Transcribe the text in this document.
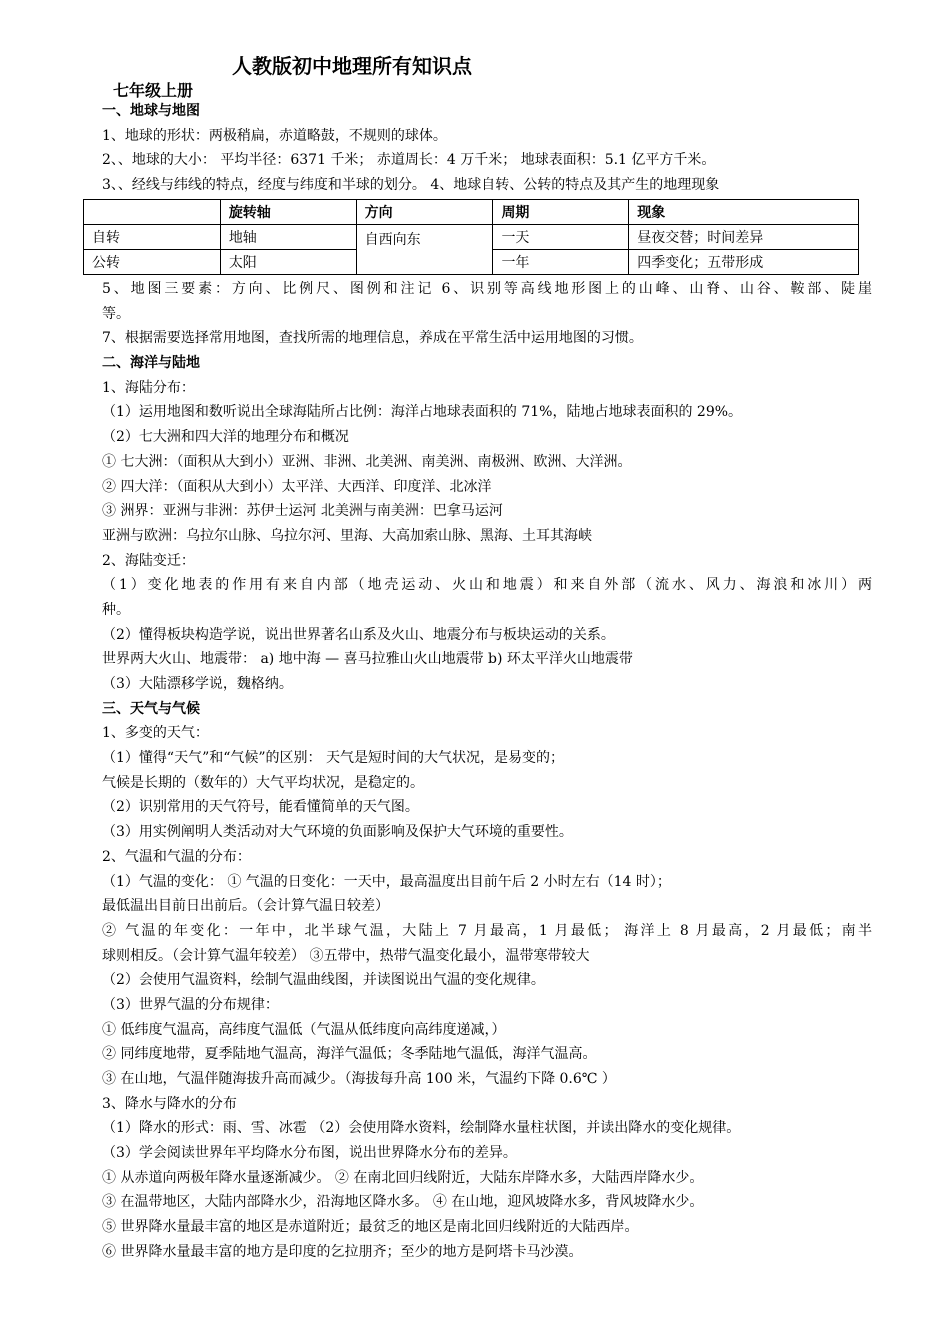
人教版初中地理所有知识点
七年级上册
一、地球与地图
1、地球的形状：两极稍扁，赤道略鼓，不规则的球体。
2、、地球的大小： 平均半径：6371 千米； 赤道周长：4 万千米； 地球表面积：5.1 亿平方千米。
3、、经线与纬线的特点，经度与纬度和半球的划分。 4、地球自转、公转的特点及其产生的地理现象
	旋转轴	方向	周期	现象
自转	地轴	自西向东	一天	昼夜交替；时间差异
公转	太阳		一年	四季变化；五带形成
5、地图三要素：方向、比例尺、图例和注记 6、识别等高线地形图上的山峰、山脊、山谷、鞍部、陡崖
等。
7、根据需要选择常用地图，查找所需的地理信息，养成在平常生活中运用地图的习惯。
二、海洋与陆地
1、海陆分布：
（1）运用地图和数听说出全球海陆所占比例：海洋占地球表面积的 71%，陆地占地球表面积的 29%。
（2）七大洲和四大洋的地理分布和概况
① 七大洲：（面积从大到小）亚洲、非洲、北美洲、南美洲、南极洲、欧洲、大洋洲。
② 四大洋：（面积从大到小）太平洋、大西洋、印度洋、北冰洋
③ 洲界：亚洲与非洲：苏伊士运河 北美洲与南美洲：巴拿马运河
亚洲与欧洲：乌拉尔山脉、乌拉尔河、里海、大高加索山脉、黑海、土耳其海峡
2、海陆变迁：
（1）变化地表的作用有来自内部（地壳运动、火山和地震）和来自外部（流水、风力、海浪和冰川）两
种。
（2）懂得板块构造学说，说出世界著名山系及火山、地震分布与板块运动的关系。
世界两大火山、地震带： a) 地中海 — 喜马拉雅山火山地震带 b) 环太平洋火山地震带
（3）大陆漂移学说，魏格纳。
三、天气与气候
1、多变的天气：
（1）懂得“天气”和“气候”的区别： 天气是短时间的大气状况，是易变的；
气候是长期的（数年的）大气平均状况，是稳定的。
（2）识别常用的天气符号，能看懂简单的天气图。
（3）用实例阐明人类活动对大气环境的负面影响及保护大气环境的重要性。
2、气温和气温的分布：
（1）气温的变化： ① 气温的日变化：一天中，最高温度出目前午后 2 小时左右（14 时）；
最低温出目前日出前后。（会计算气温日较差）
② 气温的年变化：一年中，北半球气温，大陆上 7 月最高，1 月最低； 海洋上 8 月最高，2 月最低；南半
球则相反。（会计算气温年较差） ③五带中，热带气温变化最小，温带寒带较大
（2）会使用气温资料，绘制气温曲线图，并读图说出气温的变化规律。
（3）世界气温的分布规律：
① 低纬度气温高，高纬度气温低（气温从低纬度向高纬度递减，）
② 同纬度地带，夏季陆地气温高，海洋气温低；冬季陆地气温低，海洋气温高。
③ 在山地，气温伴随海拔升高而减少。（海拔每升高 100 米，气温约下降 0.6℃ ）
3、降水与降水的分布
（1）降水的形式：雨、雪、冰雹 （2）会使用降水资料，绘制降水量柱状图，并读出降水的变化规律。
（3）学会阅读世界年平均降水分布图，说出世界降水分布的差异。
① 从赤道向两极年降水量逐渐减少。 ② 在南北回归线附近，大陆东岸降水多，大陆西岸降水少。
③ 在温带地区，大陆内部降水少，沿海地区降水多。 ④ 在山地，迎风坡降水多，背风坡降水少。
⑤ 世界降水量最丰富的地区是赤道附近；最贫乏的地区是南北回归线附近的大陆西岸。
⑥ 世界降水量最丰富的地方是印度的乞拉朋齐；至少的地方是阿塔卡马沙漠。
